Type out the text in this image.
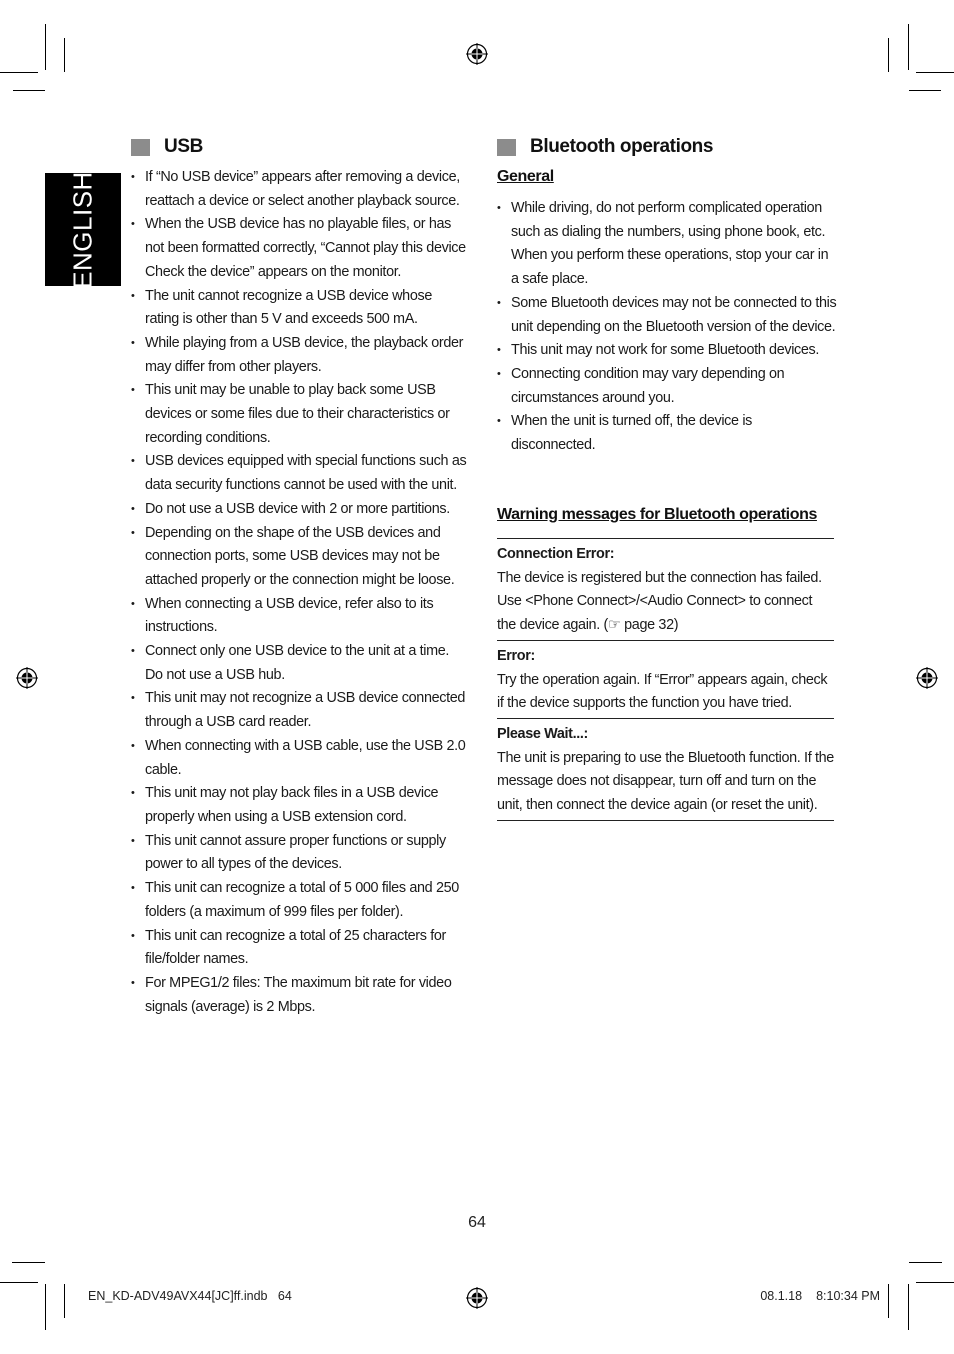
ENGLISH
USB
• If “No USB device” appears after removing a device, reattach a device or select another playback source.
• When the USB device has no playable files, or has not been formatted correctly, “Cannot play this device Check the device” appears on the monitor.
• The unit cannot recognize a USB device whose rating is other than 5 V and exceeds 500 mA.
• While playing from a USB device, the playback order may differ from other players.
• This unit may be unable to play back some USB devices or some files due to their characteristics or recording conditions.
• USB devices equipped with special functions such as data security functions cannot be used with the unit.
• Do not use a USB device with 2 or more partitions.
• Depending on the shape of the USB devices and connection ports, some USB devices may not be attached properly or the connection might be loose.
• When connecting a USB device, refer also to its instructions.
• Connect only one USB device to the unit at a time. Do not use a USB hub.
• This unit may not recognize a USB device connected through a USB card reader.
• When connecting with a USB cable, use the USB 2.0 cable.
• This unit may not play back files in a USB device properly when using a USB extension cord.
• This unit cannot assure proper functions or supply power to all types of the devices.
• This unit can recognize a total of 5 000 files and 250 folders (a maximum of 999 files per folder).
• This unit can recognize a total of 25 characters for file/folder names.
• For MPEG1/2 files: The maximum bit rate for video signals (average) is 2 Mbps.
Bluetooth operations
General
• While driving, do not perform complicated operation such as dialing the numbers, using phone book, etc. When you perform these operations, stop your car in a safe place.
• Some Bluetooth devices may not be connected to this unit depending on the Bluetooth version of the device.
• This unit may not work for some Bluetooth devices.
• Connecting condition may vary depending on circumstances around you.
• When the unit is turned off, the device is disconnected.
Warning messages for Bluetooth operations
Connection Error:
The device is registered but the connection has failed. Use <Phone Connect>/<Audio Connect> to connect the device again. (☞ page 32)
Error:
Try the operation again. If “Error” appears again, check if the device supports the function you have tried.
Please Wait...:
The unit is preparing to use the Bluetooth function. If the message does not disappear, turn off and turn on the unit, then connect the device again (or reset the unit).
64
EN_KD-ADV49AVX44[JC]ff.indb   64	08.1.18 8:10:34 PM
